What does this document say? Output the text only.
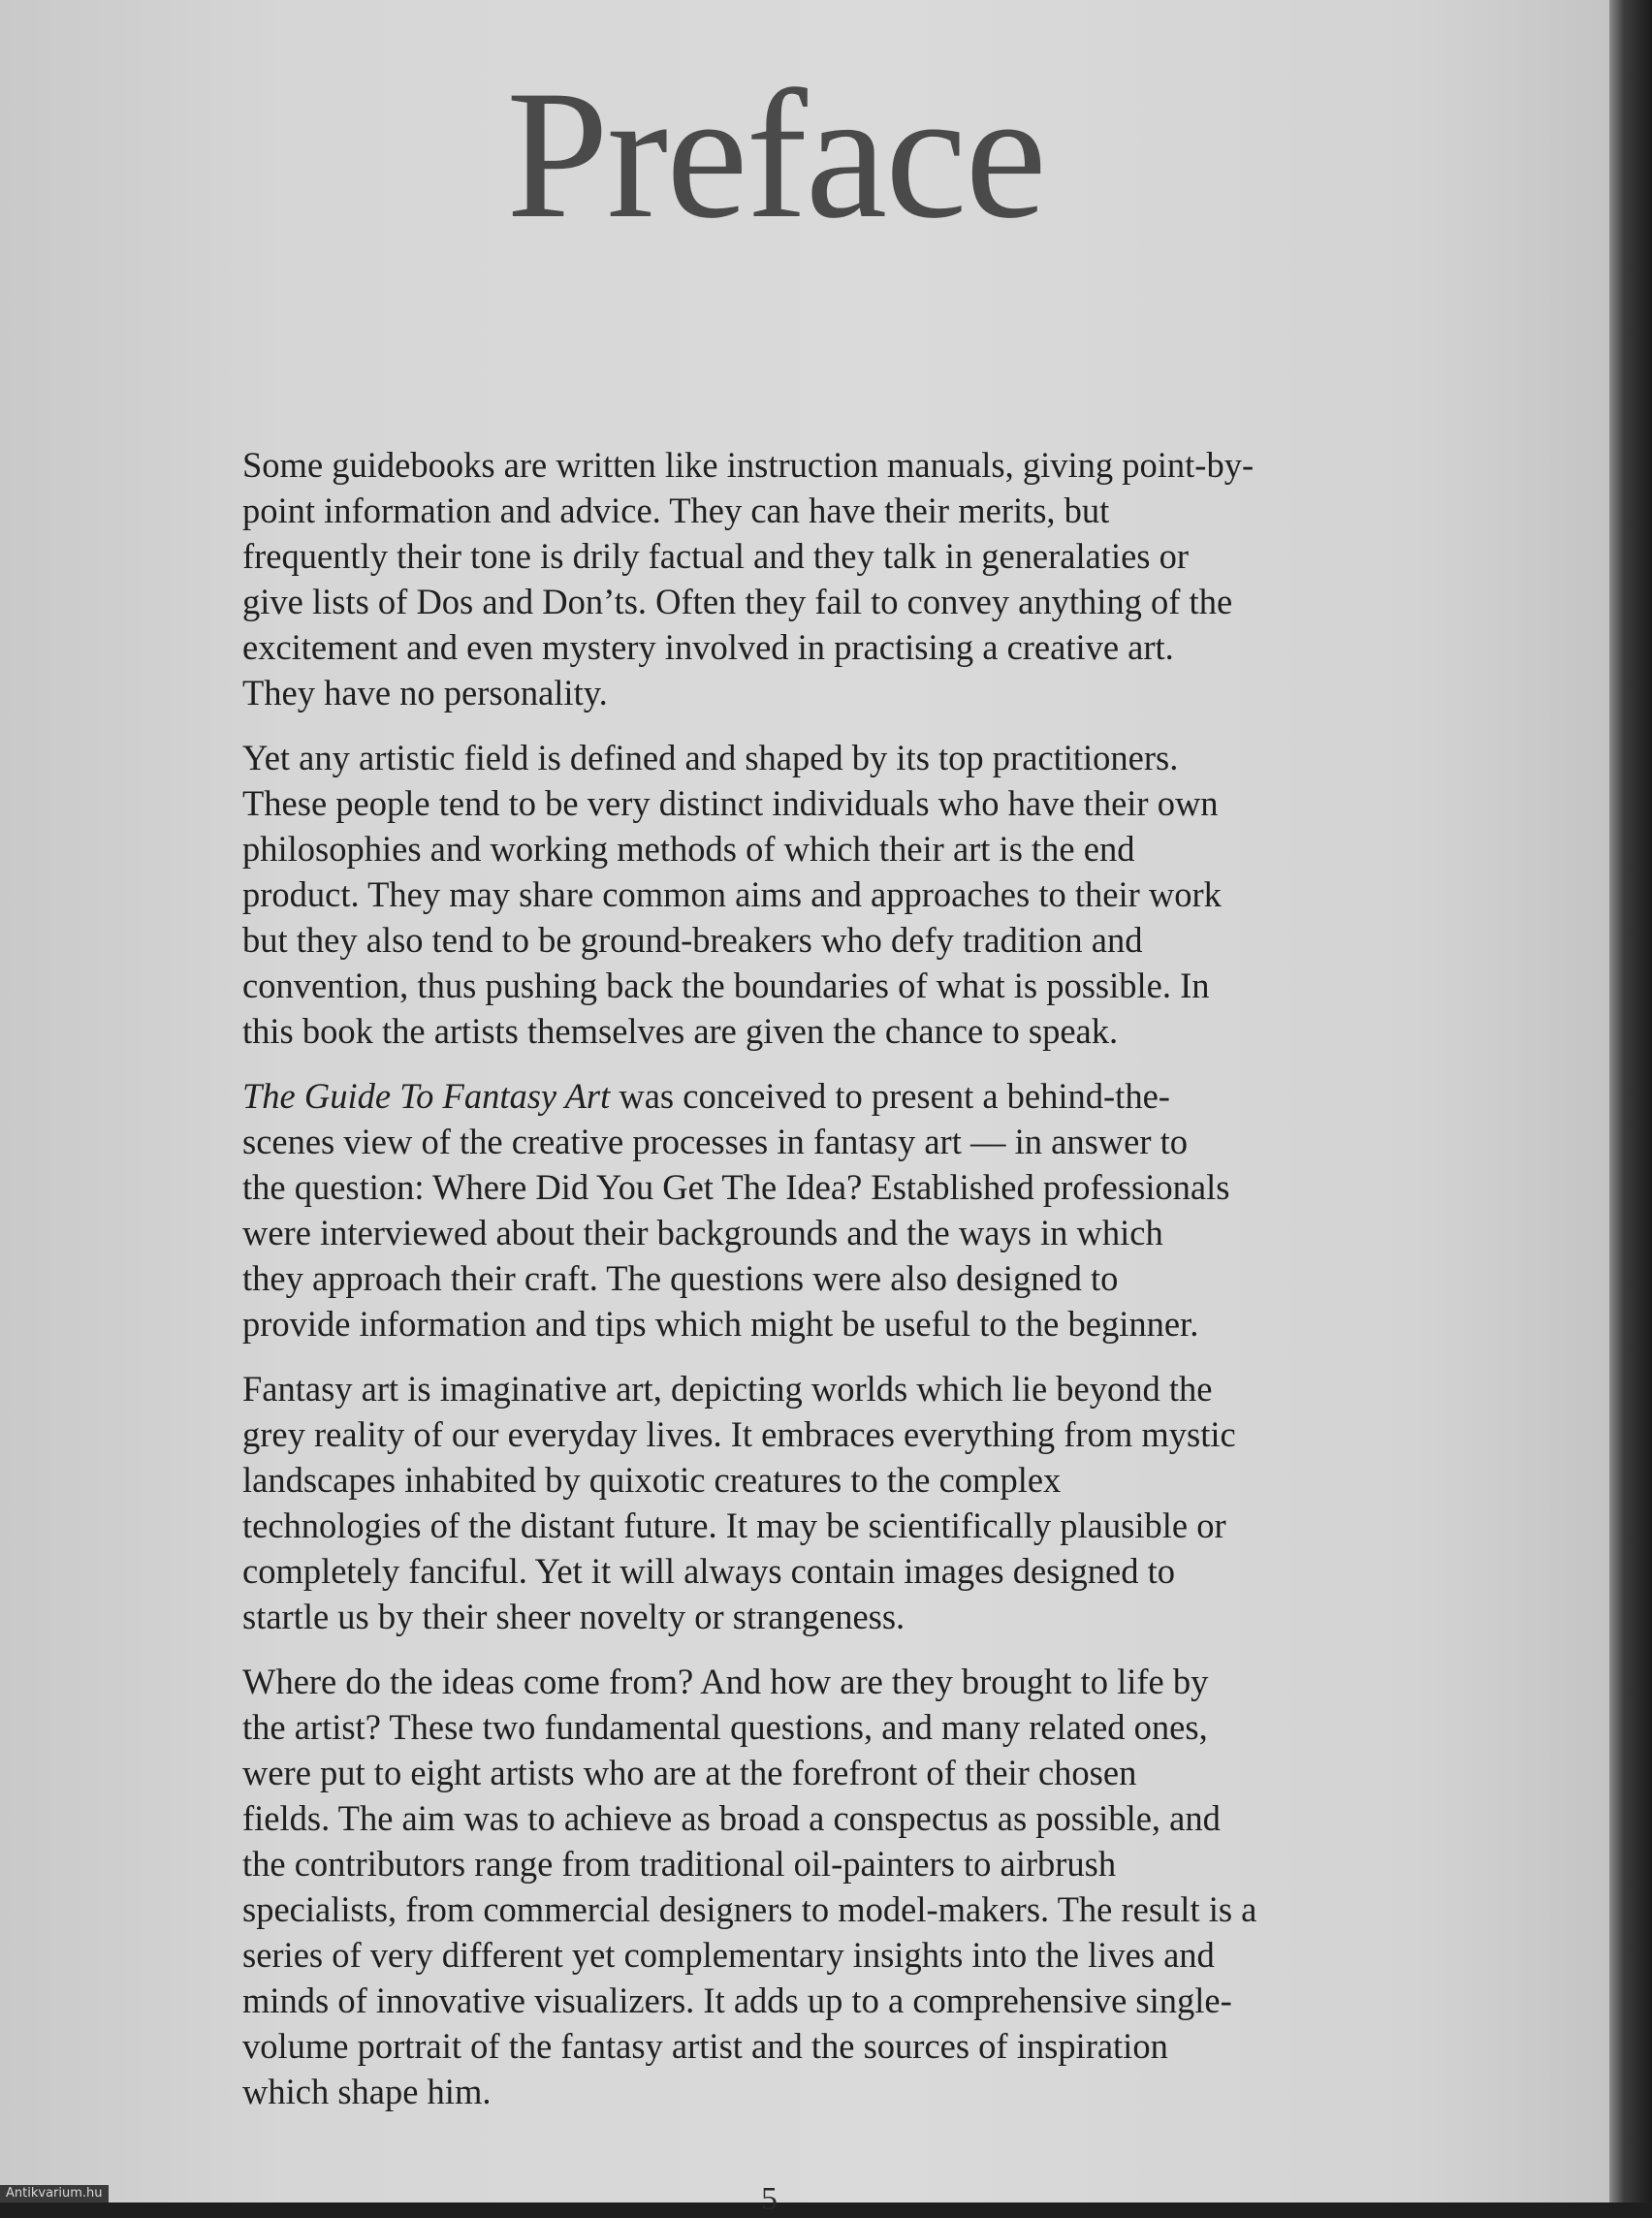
Preface

Some guidebooks are written like instruction manuals, giving point-by-
point information and advice. They can have their merits, but
frequently their tone is drily factual and they talk in generalaties or
give lists of Dos and Don’ts. Often they fail to convey anything of the
excitement and even mystery involved in practising a creative art.
They have no personality.

Yet any artistic field is defined and shaped by its top practitioners.
These people tend to be very distinct individuals who have their own
philosophies and working methods of which their art is the end
product. They may share common aims and approaches to their work
but they also tend to be ground-breakers who defy tradition and
convention, thus pushing back the boundaries of what is possible. In
this book the artists themselves are given the chance to speak.

The Guide To Fantasy Art was conceived to present a behind-the-
scenes view of the creative processes in fantasy art — in answer to
the question: Where Did You Get The Idea? Established professionals
were interviewed about their backgrounds and the ways in which
they approach their craft. The questions were also designed to
provide information and tips which might be useful to the beginner.

Fantasy art is imaginative art, depicting worlds which lie beyond the
grey reality of our everyday lives. It embraces everything from mystic
landscapes inhabited by quixotic creatures to the complex
technologies of the distant future. It may be scientifically plausible or
completely fanciful. Yet it will always contain images designed to
startle us by their sheer novelty or strangeness.

Where do the ideas come from? And how are they brought to life by
the artist? These two fundamental questions, and many related ones,
were put to eight artists who are at the forefront of their chosen
fields. The aim was to achieve as broad a conspectus as possible, and
the contributors range from traditional oil-painters to airbrush
specialists, from commercial designers to model-makers. The result is a
series of very different yet complementary insights into the lives and
minds of innovative visualizers. It adds up to a comprehensive single-
volume portrait of the fantasy artist and the sources of inspiration
which shape him.

5
Antikvarium.hu
